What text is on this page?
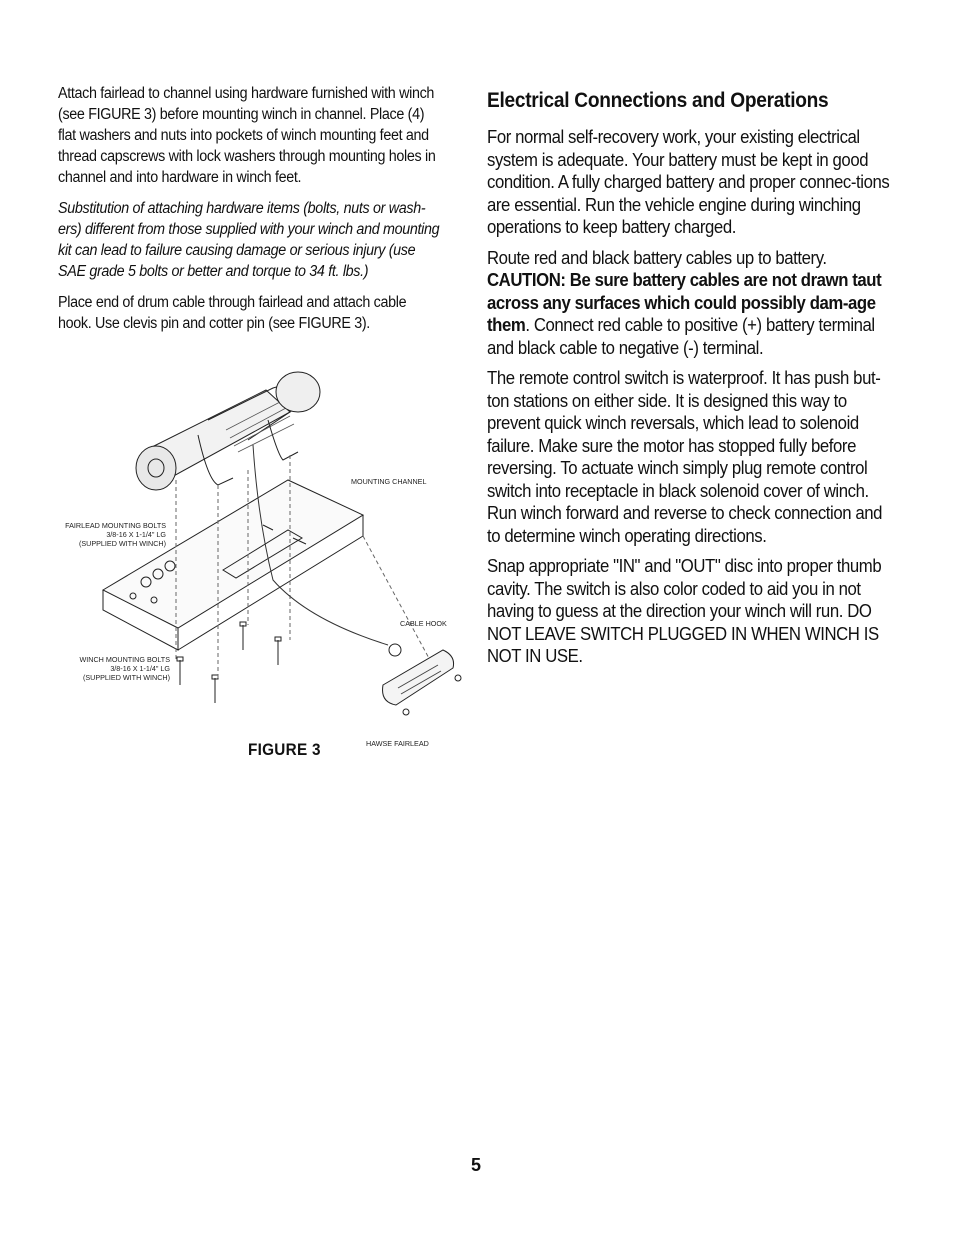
Attach fairlead to channel using hardware furnished with winch (see FIGURE 3) before mounting winch in channel. Place (4) flat washers and nuts into pockets of winch mounting feet and thread capscrews with lock washers through mounting holes in channel and into hardware in winch feet.

Substitution of attaching hardware items (bolts, nuts or wash-ers) different from those supplied with your winch and mounting kit can lead to failure causing damage or serious injury (use SAE grade 5 bolts or better and torque to 34 ft. lbs.)

Place end of drum cable through fairlead and attach cable hook. Use clevis pin and cotter pin (see FIGURE 3).

MOUNTING CHANNEL
FAIRLEAD MOUNTING BOLTS
3/8-16 X 1-1/4" LG
(SUPPLIED WITH WINCH)
CABLE HOOK
WINCH MOUNTING BOLTS
3/8-16 X 1-1/4" LG
(SUPPLIED WITH WINCH)
HAWSE FAIRLEAD
FIGURE 3
Electrical Connections and Operations

For normal self-recovery work, your existing electrical system is adequate. Your battery must be kept in good condition. A fully charged battery and proper connec-tions are essential. Run the vehicle engine during winching operations to keep battery charged.

Route red and black battery cables up to battery. CAUTION: Be sure battery cables are not drawn taut across any surfaces which could possibly dam-age them. Connect red cable to positive (+) battery terminal and black cable to negative (-) terminal.

The remote control switch is waterproof. It has push but-ton stations on either side. It is designed this way to prevent quick winch reversals, which lead to solenoid failure. Make sure the motor has stopped fully before reversing. To actuate winch simply plug remote control switch into receptacle in black solenoid cover of winch. Run winch forward and reverse to check connection and to determine winch operating directions.

Snap appropriate "IN" and "OUT" disc into proper thumb cavity. The switch is also color coded to aid you in not having to guess at the direction your winch will run. DO NOT LEAVE SWITCH PLUGGED IN WHEN WINCH IS NOT IN USE.

5
